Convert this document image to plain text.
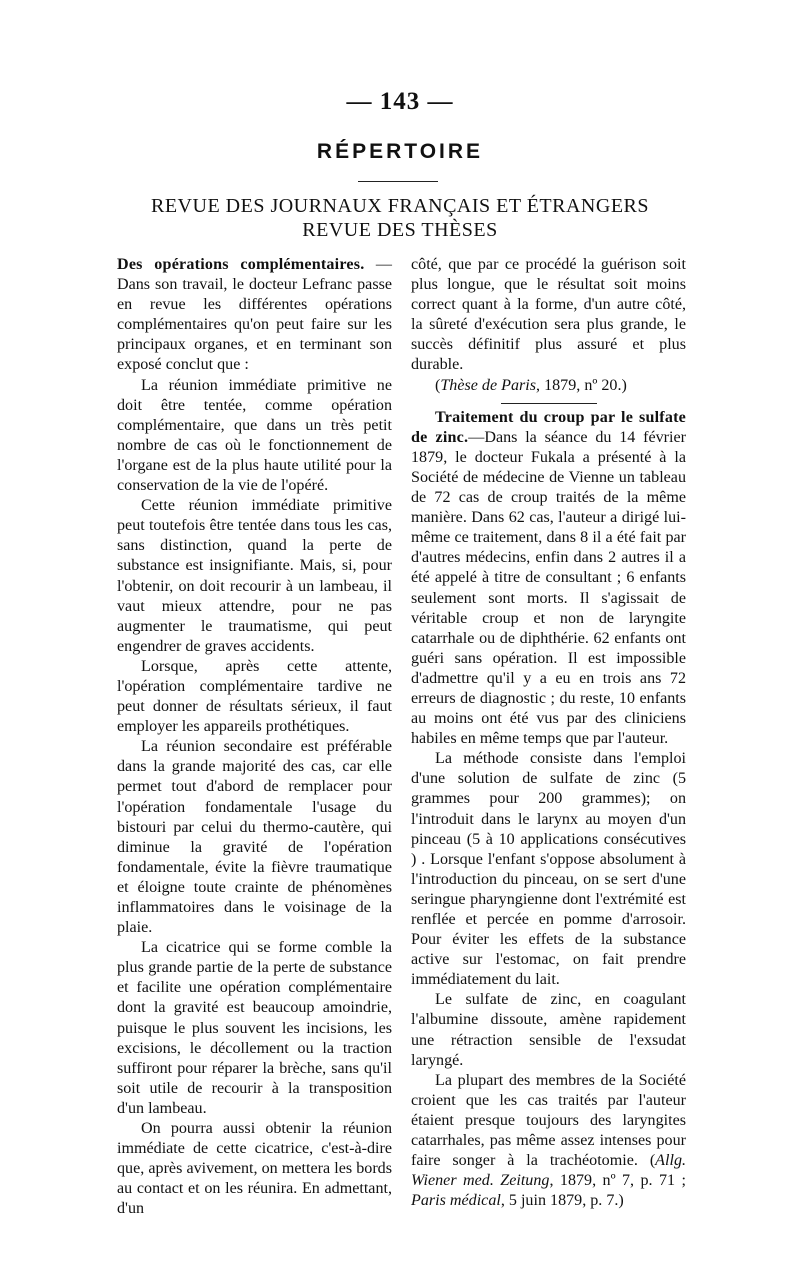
— 143 —
RÉPERTOIRE
REVUE DES JOURNAUX FRANÇAIS ET ÉTRANGERS
REVUE DES THÈSES

Des opérations complémentaires. — Dans son travail, le docteur Lefranc passe en revue les différentes opérations complémentaires qu'on peut faire sur les principaux organes, et en terminant son exposé conclut que :

La réunion immédiate primitive ne doit être tentée, comme opération complémentaire, que dans un très petit nombre de cas où le fonctionnement de l'organe est de la plus haute utilité pour la conservation de la vie de l'opéré.

Cette réunion immédiate primitive peut toutefois être tentée dans tous les cas, sans distinction, quand la perte de substance est insignifiante. Mais, si, pour l'obtenir, on doit recourir à un lambeau, il vaut mieux attendre, pour ne pas augmenter le traumatisme, qui peut engendrer de graves accidents.

Lorsque, après cette attente, l'opération complémentaire tardive ne peut donner de résultats sérieux, il faut employer les appareils prothétiques.

La réunion secondaire est préférable dans la grande majorité des cas, car elle permet tout d'abord de remplacer pour l'opération fondamentale l'usage du bistouri par celui du thermo-cautère, qui diminue la gravité de l'opération fondamentale, évite la fièvre traumatique et éloigne toute crainte de phénomènes inflammatoires dans le voisinage de la plaie.

La cicatrice qui se forme comble la plus grande partie de la perte de substance et facilite une opération complémentaire dont la gravité est beaucoup amoindrie, puisque le plus souvent les incisions, les excisions, le décollement ou la traction suffiront pour réparer la brèche, sans qu'il soit utile de recourir à la transposition d'un lambeau.

On pourra aussi obtenir la réunion immédiate de cette cicatrice, c'est-à-dire que, après avivement, on mettera les bords au contact et on les réunira. En admettant, d'un

côté, que par ce procédé la guérison soit plus longue, que le résultat soit moins correct quant à la forme, d'un autre côté, la sûreté d'exécution sera plus grande, le succès définitif plus assuré et plus durable.

(Thèse de Paris, 1879, nº 20.)

Traitement du croup par le sulfate de zinc.—Dans la séance du 14 février 1879, le docteur Fukala a présenté à la Société de médecine de Vienne un tableau de 72 cas de croup traités de la même manière. Dans 62 cas, l'auteur a dirigé lui-même ce traitement, dans 8 il a été fait par d'autres médecins, enfin dans 2 autres il a été appelé à titre de consultant ; 6 enfants seulement sont morts. Il s'agissait de véritable croup et non de laryngite catarrhale ou de diphthérie. 62 enfants ont guéri sans opération. Il est impossible d'admettre qu'il y a eu en trois ans 72 erreurs de diagnostic ; du reste, 10 enfants au moins ont été vus par des cliniciens habiles en même temps que par l'auteur.

La méthode consiste dans l'emploi d'une solution de sulfate de zinc (5 grammes pour 200 grammes); on l'introduit dans le larynx au moyen d'un pinceau (5 à 10 applications consécutives ) . Lorsque l'enfant s'oppose absolument à l'introduction du pinceau, on se sert d'une seringue pharyngienne dont l'extrémité est renflée et percée en pomme d'arrosoir. Pour éviter les effets de la substance active sur l'estomac, on fait prendre immédiatement du lait.

Le sulfate de zinc, en coagulant l'albumine dissoute, amène rapidement une rétraction sensible de l'exsudat laryngé.

La plupart des membres de la Société croient que les cas traités par l'auteur étaient presque toujours des laryngites catarrhales, pas même assez intenses pour faire songer à la trachéotomie. (Allg. Wiener med. Zeitung, 1879, nº 7, p. 71 ; Paris médical, 5 juin 1879, p. 7.)
